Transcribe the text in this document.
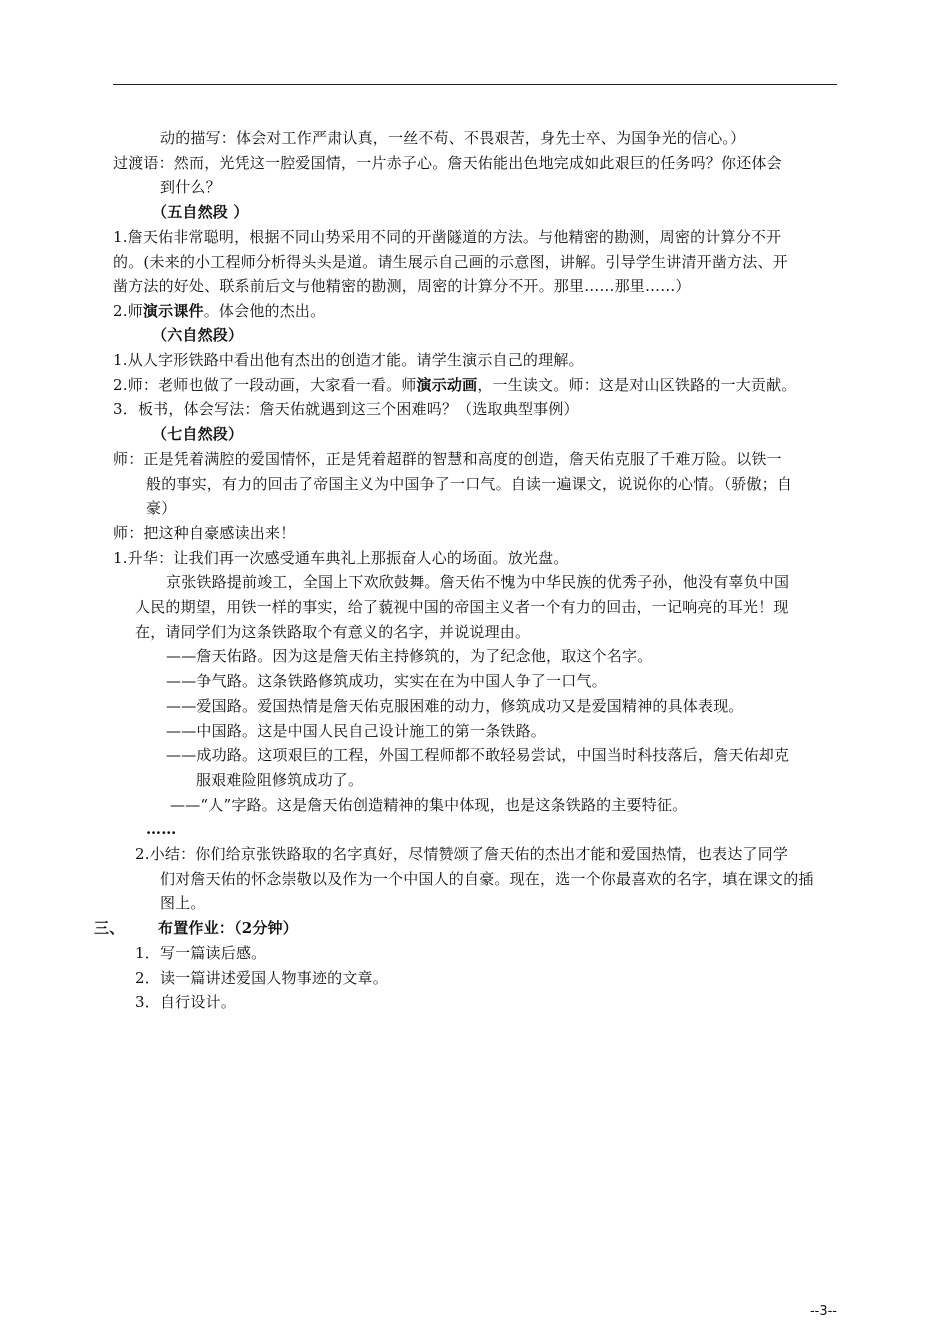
动的描写：体会对工作严肃认真，一丝不苟、不畏艰苦，身先士卒、为国争光的信心。）
过渡语：然而，光凭这一腔爱国情，一片赤子心。詹天佑能出色地完成如此艰巨的任务吗？你还体会
到什么？
（五自然段 ）
1.詹天佑非常聪明，根据不同山势采用不同的开凿隧道的方法。与他精密的勘测，周密的计算分不开
的。(未来的小工程师分析得头头是道。请生展示自己画的示意图，讲解。引导学生讲清开凿方法、开
凿方法的好处、联系前后文与他精密的勘测，周密的计算分不开。那里……那里……）
2.师演示课件。体会他的杰出。
（六自然段）
1.从人字形铁路中看出他有杰出的创造才能。请学生演示自己的理解。
2.师：老师也做了一段动画，大家看一看。师演示动画，一生读文。师：这是对山区铁路的一大贡献。
3．板书，体会写法：詹天佑就遇到这三个困难吗？（选取典型事例）
（七自然段）
师：正是凭着满腔的爱国情怀，正是凭着超群的智慧和高度的创造，詹天佑克服了千难万险。以铁一
般的事实，有力的回击了帝国主义为中国争了一口气。自读一遍课文，说说你的心情。（骄傲；自
豪）
师：把这种自豪感读出来！
1.升华：让我们再一次感受通车典礼上那振奋人心的场面。放光盘。
京张铁路提前竣工，全国上下欢欣鼓舞。詹天佑不愧为中华民族的优秀子孙，他没有辜负中国
人民的期望，用铁一样的事实，给了藐视中国的帝国主义者一个有力的回击，一记响亮的耳光！现
在，请同学们为这条铁路取个有意义的名字，并说说理由。
——詹天佑路。因为这是詹天佑主持修筑的，为了纪念他，取这个名字。
——争气路。这条铁路修筑成功，实实在在为中国人争了一口气。
——爱国路。爱国热情是詹天佑克服困难的动力，修筑成功又是爱国精神的具体表现。
——中国路。这是中国人民自己设计施工的第一条铁路。
——成功路。这项艰巨的工程，外国工程师都不敢轻易尝试，中国当时科技落后，詹天佑却克
服艰难险阻修筑成功了。
——“人”字路。这是詹天佑创造精神的集中体现，也是这条铁路的主要特征。
……
2.小结：你们给京张铁路取的名字真好，尽情赞颂了詹天佑的杰出才能和爱国热情，也表达了同学
们对詹天佑的怀念崇敬以及作为一个中国人的自豪。现在，选一个你最喜欢的名字，填在课文的插
图上。
三、 布置作业：（2分钟）
1．写一篇读后感。
2．读一篇讲述爱国人物事迹的文章。
3．自行设计。
--3--
